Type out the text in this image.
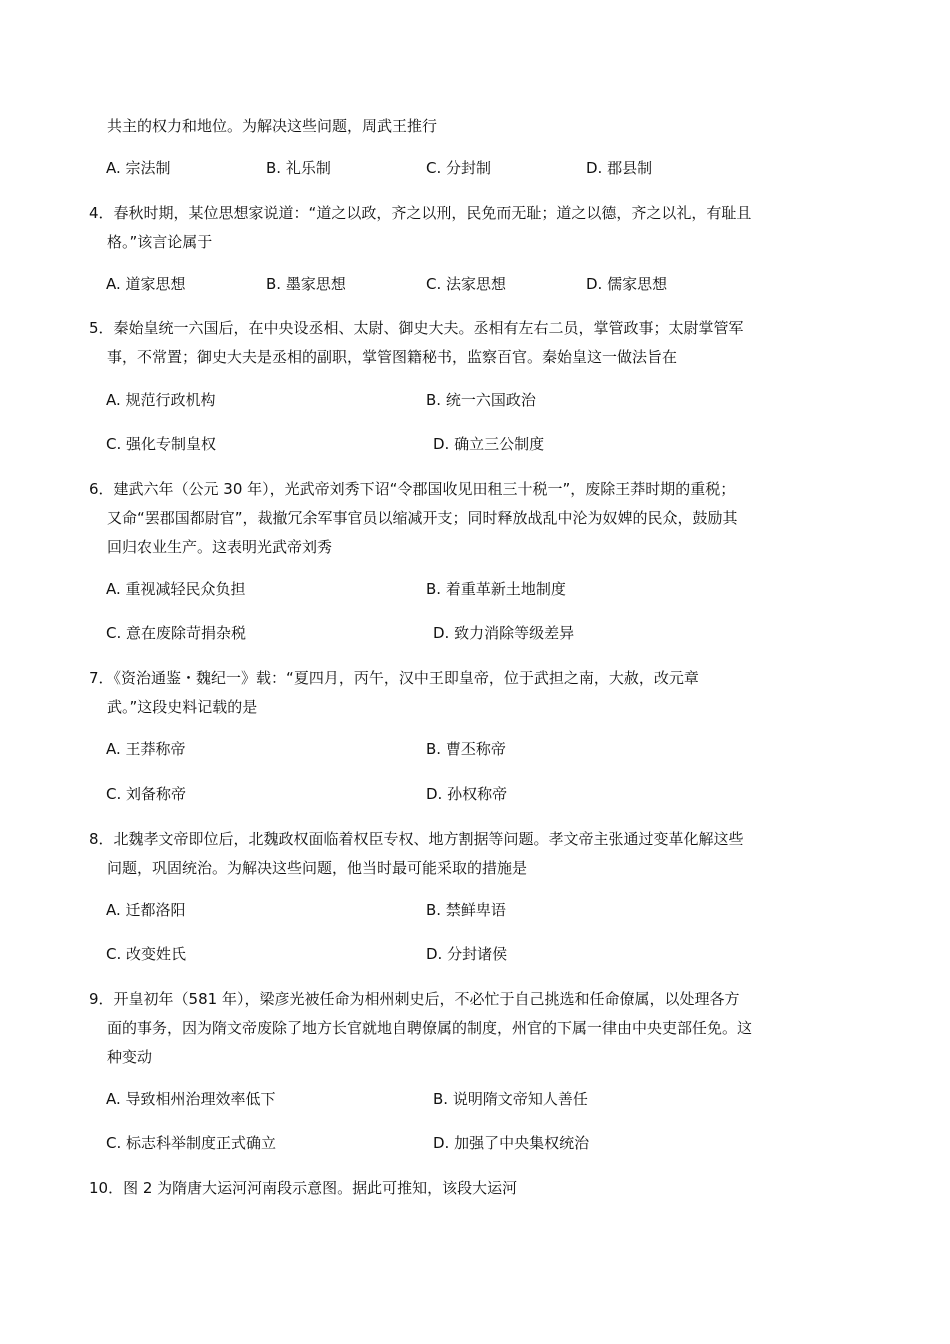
共主的权力和地位。为解决这些问题，周武王推行
A. 宗法制	B. 礼乐制	C. 分封制	D. 郡县制
4．春秋时期，某位思想家说道：“道之以政，齐之以刑，民免而无耻；道之以德，齐之以礼，有耻且
格。”该言论属于
A. 道家思想	B. 墨家思想	C. 法家思想	D. 儒家思想
5．秦始皇统一六国后，在中央设丞相、太尉、御史大夫。丞相有左右二员，掌管政事；太尉掌管军
事，不常置；御史大夫是丞相的副职，掌管图籍秘书，监察百官。秦始皇这一做法旨在
A. 规范行政机构	B. 统一六国政治
C. 强化专制皇权	D. 确立三公制度
6．建武六年（公元 30 年），光武帝刘秀下诏“令郡国收见田租三十税一”，废除王莽时期的重税；
又命“罢郡国都尉官”，裁撤冗余军事官员以缩减开支；同时释放战乱中沦为奴婢的民众，鼓励其
回归农业生产。这表明光武帝刘秀
A. 重视减轻民众负担	B. 着重革新土地制度
C. 意在废除苛捐杂税	D. 致力消除等级差异
7．《资治通鉴・魏纪一》载：“夏四月，丙午，汉中王即皇帝，位于武担之南，大赦，改元章
武。”这段史料记载的是
A. 王莽称帝	B. 曹丕称帝
C. 刘备称帝	D. 孙权称帝
8．北魏孝文帝即位后，北魏政权面临着权臣专权、地方割据等问题。孝文帝主张通过变革化解这些
问题，巩固统治。为解决这些问题，他当时最可能采取的措施是
A. 迁都洛阳	B. 禁鲜卑语
C. 改变姓氏	D. 分封诸侯
9．开皇初年（581 年），梁彦光被任命为相州刺史后，不必忙于自己挑选和任命僚属，以处理各方
面的事务，因为隋文帝废除了地方长官就地自聘僚属的制度，州官的下属一律由中央吏部任免。这
种变动
A. 导致相州治理效率低下	B. 说明隋文帝知人善任
C. 标志科举制度正式确立	D. 加强了中央集权统治
10．图 2 为隋唐大运河河南段示意图。据此可推知，该段大运河
